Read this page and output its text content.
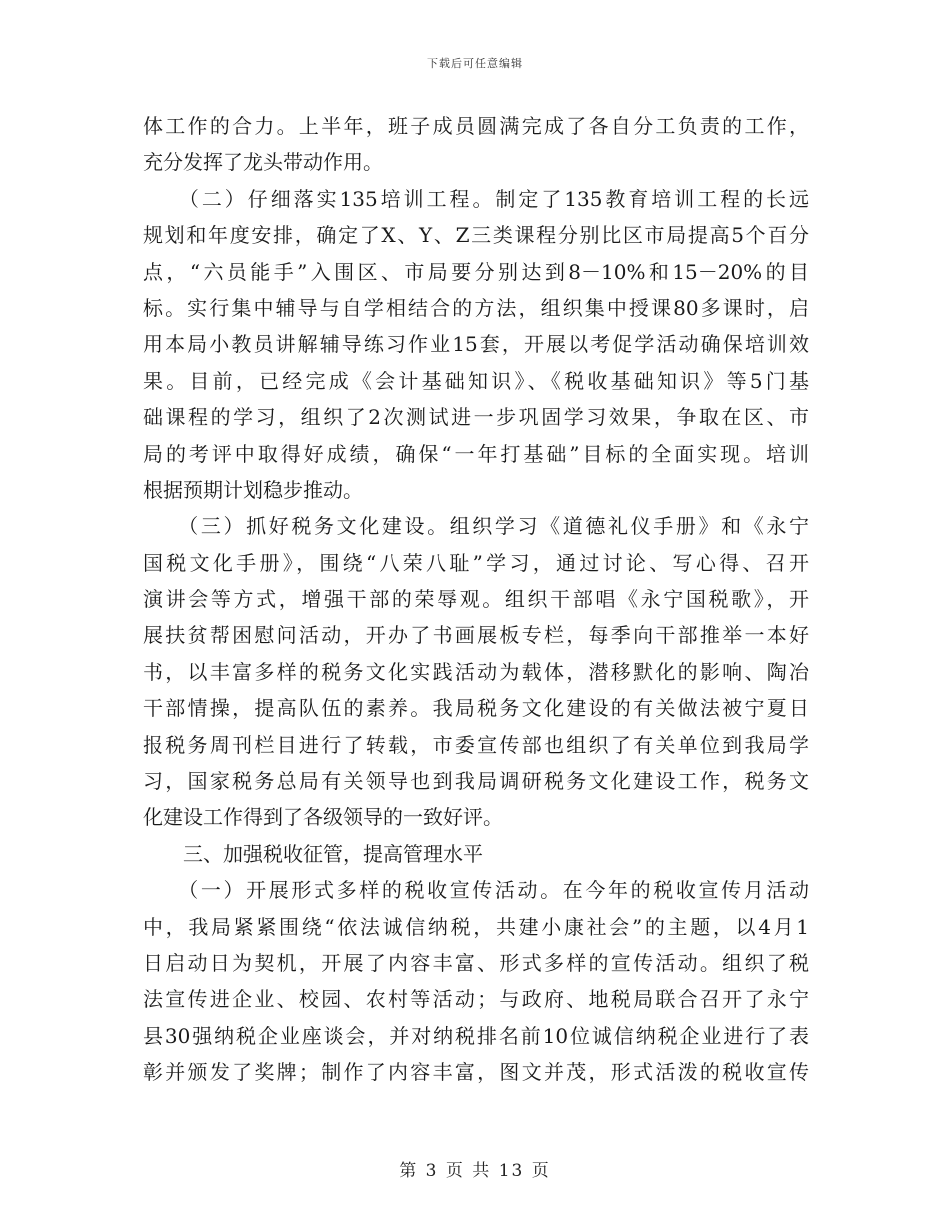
下载后可任意编辑
体工作的合力。上半年，班子成员圆满完成了各自分工负责的工作，
充分发挥了龙头带动作用。
　　（二）仔细落实135培训工程。制定了135教育培训工程的长远
规划和年度安排，确定了X、Y、Z三类课程分别比区市局提高5个百分
点，“六员能手”入围区、市局要分别达到8－10%和15－20%的目
标。实行集中辅导与自学相结合的方法，组织集中授课80多课时，启
用本局小教员讲解辅导练习作业15套，开展以考促学活动确保培训效
果。目前，已经完成《会计基础知识》、《税收基础知识》等5门基
础课程的学习，组织了2次测试进一步巩固学习效果，争取在区、市
局的考评中取得好成绩，确保“一年打基础”目标的全面实现。培训
根据预期计划稳步推动。
　　（三）抓好税务文化建设。组织学习《道德礼仪手册》和《永宁
国税文化手册》，围绕“八荣八耻”学习，通过讨论、写心得、召开
演讲会等方式，增强干部的荣辱观。组织干部唱《永宁国税歌》，开
展扶贫帮困慰问活动，开办了书画展板专栏，每季向干部推举一本好
书，以丰富多样的税务文化实践活动为载体，潜移默化的影响、陶冶
干部情操，提高队伍的素养。我局税务文化建设的有关做法被宁夏日
报税务周刊栏目进行了转载，市委宣传部也组织了有关单位到我局学
习，国家税务总局有关领导也到我局调研税务文化建设工作，税务文
化建设工作得到了各级领导的一致好评。
　　三、加强税收征管，提高管理水平
　　（一）开展形式多样的税收宣传活动。在今年的税收宣传月活动
中，我局紧紧围绕“依法诚信纳税，共建小康社会”的主题，以4月1
日启动日为契机，开展了内容丰富、形式多样的宣传活动。组织了税
法宣传进企业、校园、农村等活动；与政府、地税局联合召开了永宁
县30强纳税企业座谈会，并对纳税排名前10位诚信纳税企业进行了表
彰并颁发了奖牌；制作了内容丰富，图文并茂，形式活泼的税收宣传
第 3 页 共 13 页
